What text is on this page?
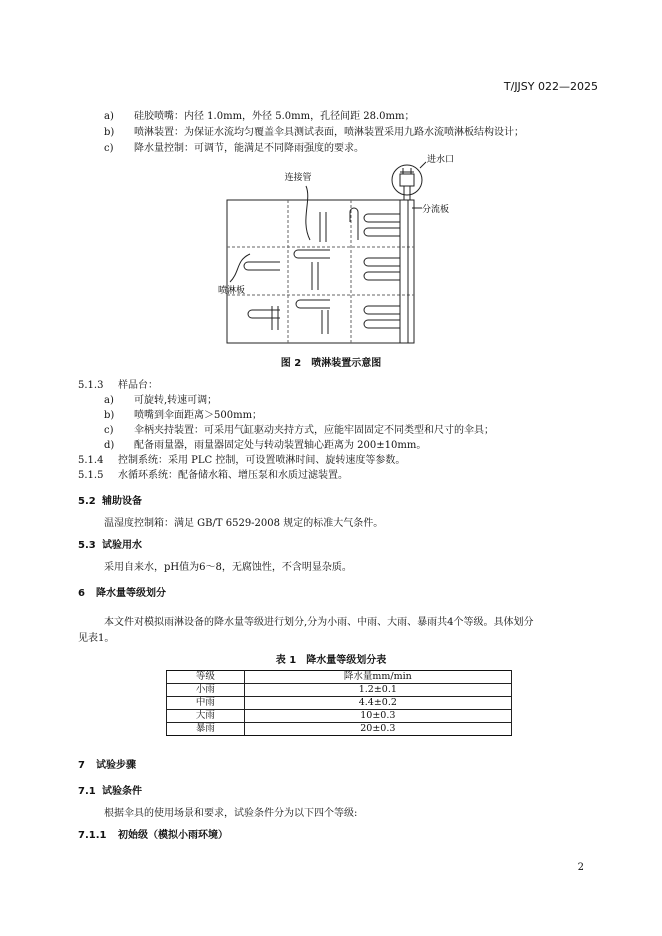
T/JJSY 022—2025
a) 硅胶喷嘴：内径 1.0mm，外径 5.0mm，孔径间距 28.0mm；
b) 喷淋装置：为保证水流均匀覆盖伞具测试表面，喷淋装置采用九路水流喷淋板结构设计；
c) 降水量控制：可调节，能满足不同降雨强度的要求。
连接管
进水口
分流板
喷淋板
图 2　喷淋装置示意图
5.1.3 样品台：
a) 可旋转,转速可调；
b) 喷嘴到伞面距离＞500mm；
c) 伞柄夹持装置：可采用气缸驱动夹持方式，应能牢固固定不同类型和尺寸的伞具；
d) 配备雨量器，雨量器固定处与转动装置轴心距离为 200±10mm。
5.1.4 控制系统：采用 PLC 控制，可设置喷淋时间、旋转速度等参数。
5.1.5 水循环系统：配备储水箱、增压泵和水质过滤装置。
5.2 辅助设备
温湿度控制箱：满足 GB/T 6529-2008 规定的标准大气条件。
5.3 试验用水
采用自来水，pH值为6～8，无腐蚀性，不含明显杂质。
6 降水量等级划分
本文件对模拟雨淋设备的降水量等级进行划分,分为小雨、中雨、大雨、暴雨共4个等级。具体划分
见表1。
表 1　降水量等级划分表
等级	降水量mm/min
小雨	1.2±0.1
中雨	4.4±0.2
大雨	10±0.3
暴雨	20±0.3
7 试验步骤
7.1 试验条件
根据伞具的使用场景和要求，试验条件分为以下四个等级:
7.1.1 初始级（模拟小雨环境）
2
